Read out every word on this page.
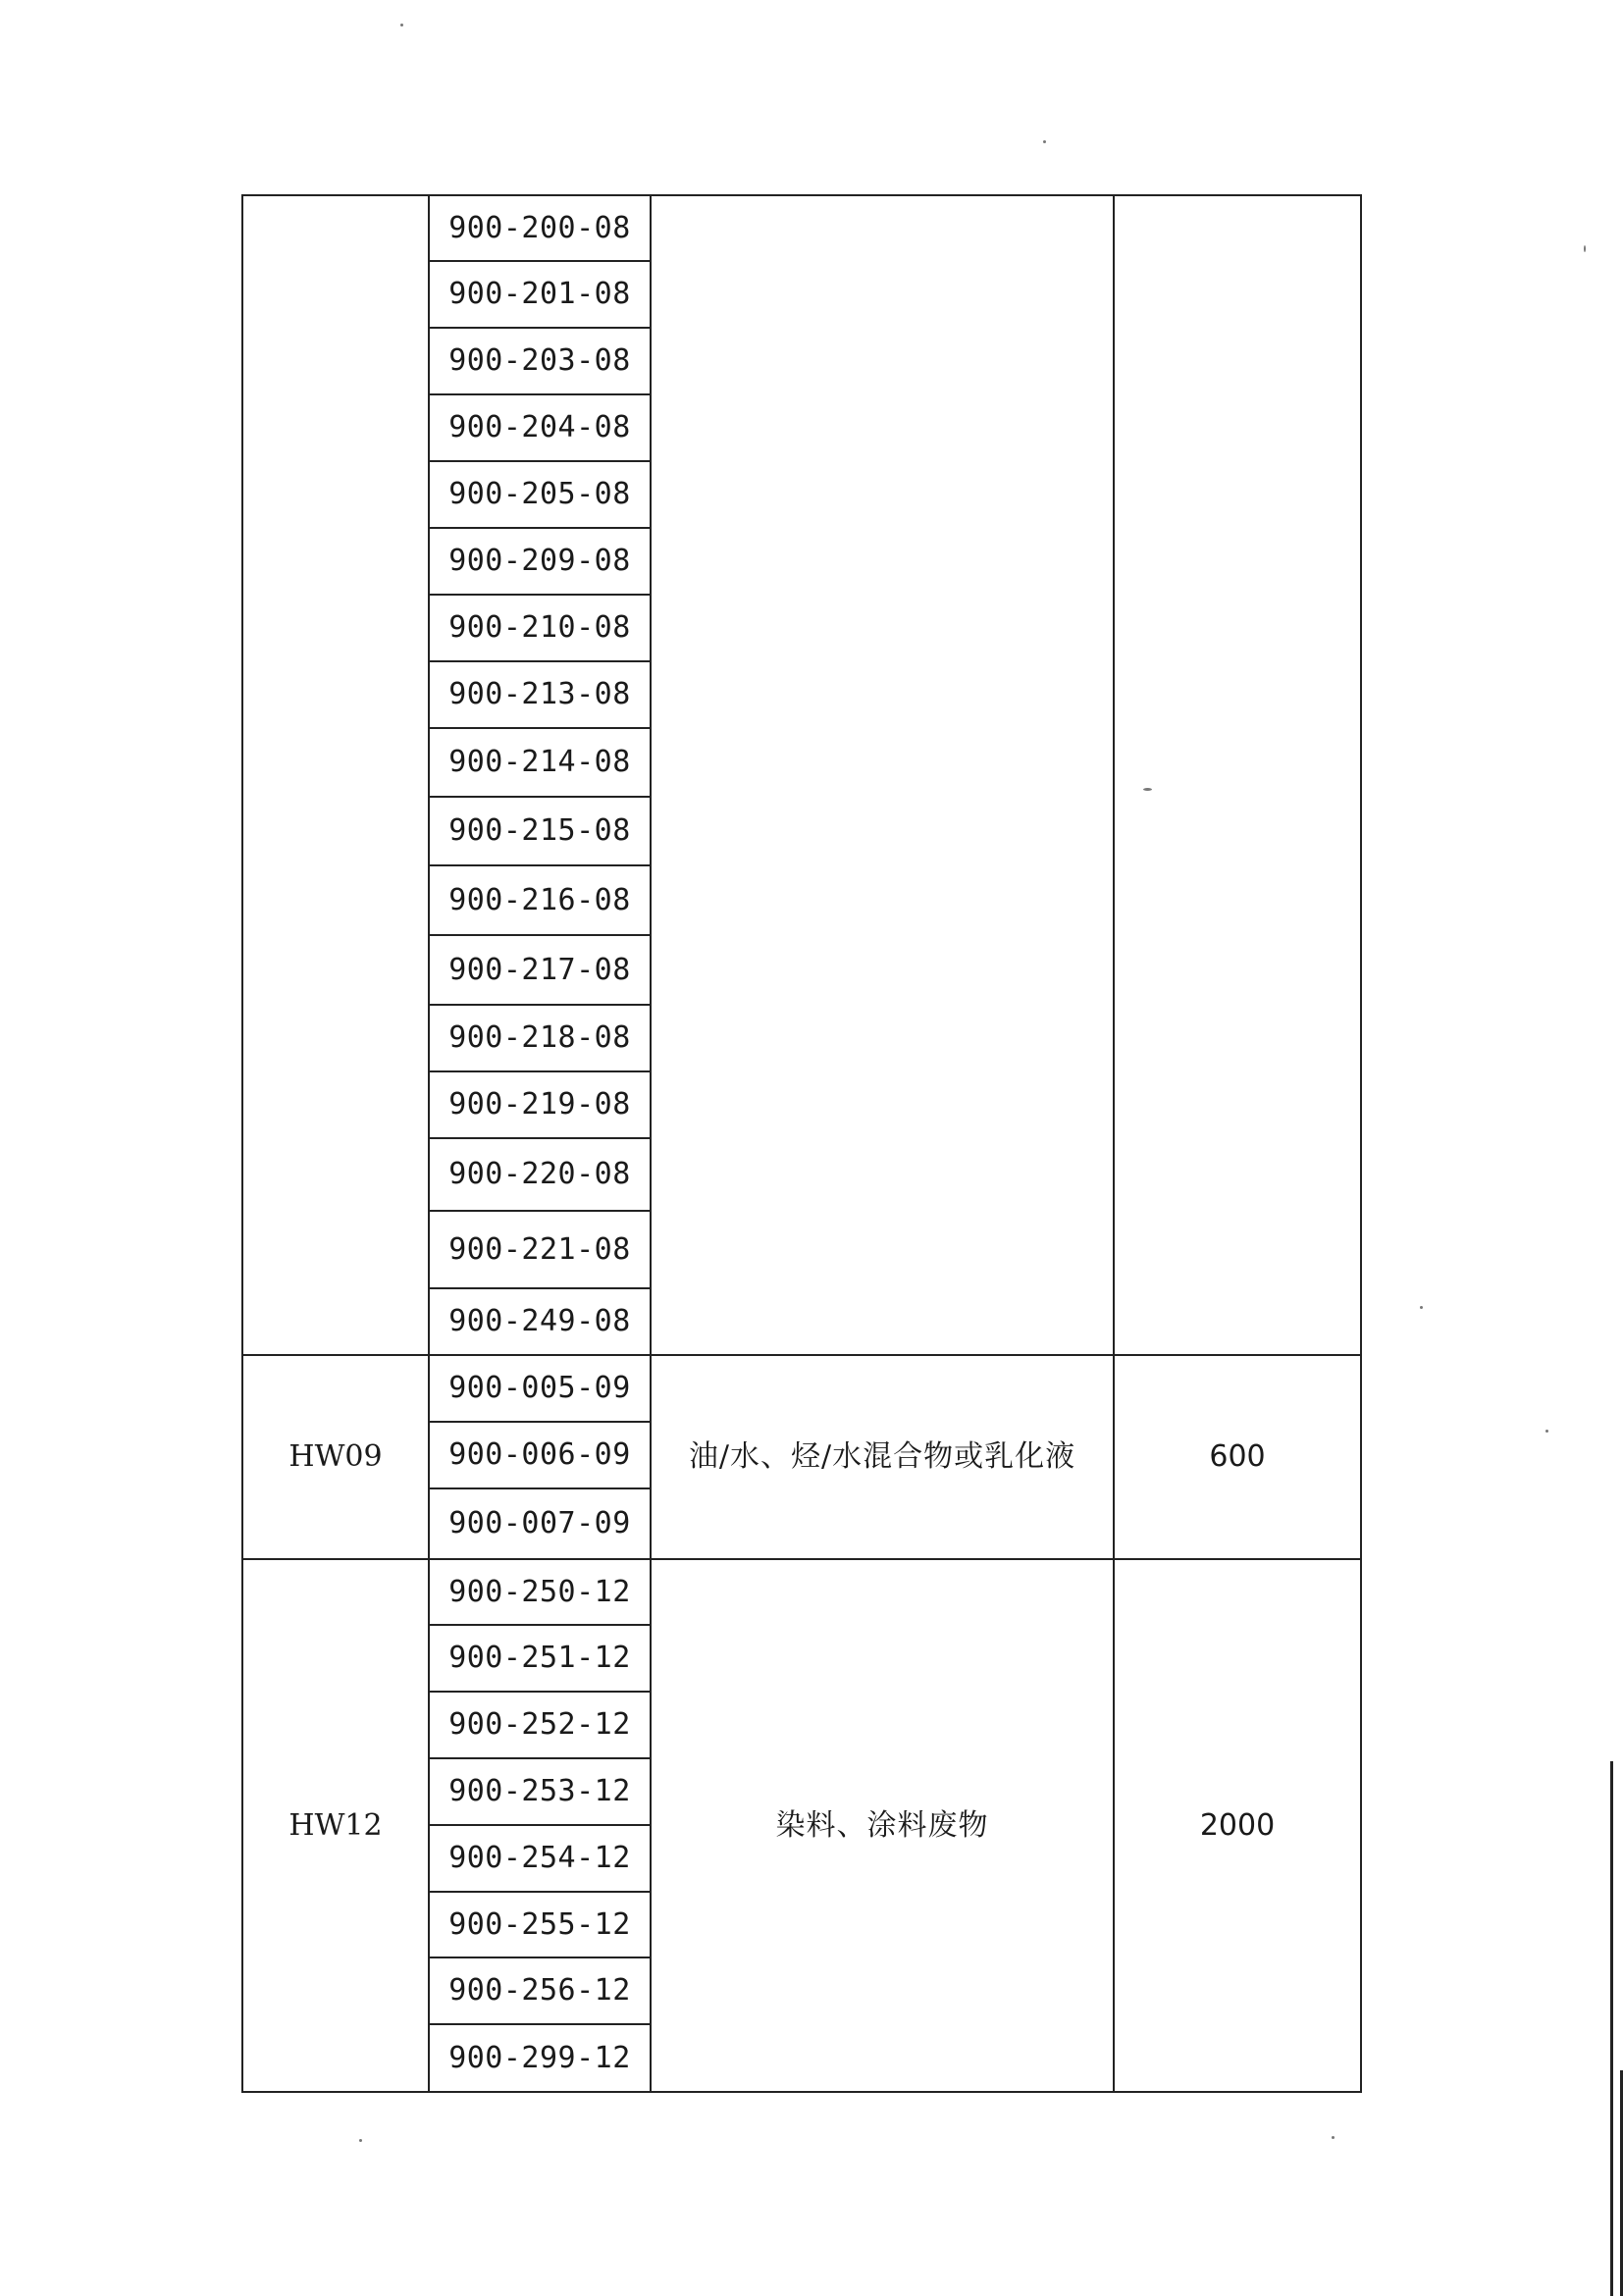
	900-200-08		
	900-201-08		
	900-203-08		
	900-204-08		
	900-205-08		
	900-209-08		
	900-210-08		
	900-213-08		
	900-214-08		
	900-215-08		
	900-216-08		
	900-217-08		
	900-218-08		
	900-219-08		
	900-220-08		
	900-221-08		
	900-249-08		
HW09	900-005-09	油/水、烃/水混合物或乳化液	600
	900-006-09		
	900-007-09		
HW12	900-250-12	染料、涂料废物	2000
	900-251-12		
	900-252-12		
	900-253-12		
	900-254-12		
	900-255-12		
	900-256-12		
	900-299-12		
